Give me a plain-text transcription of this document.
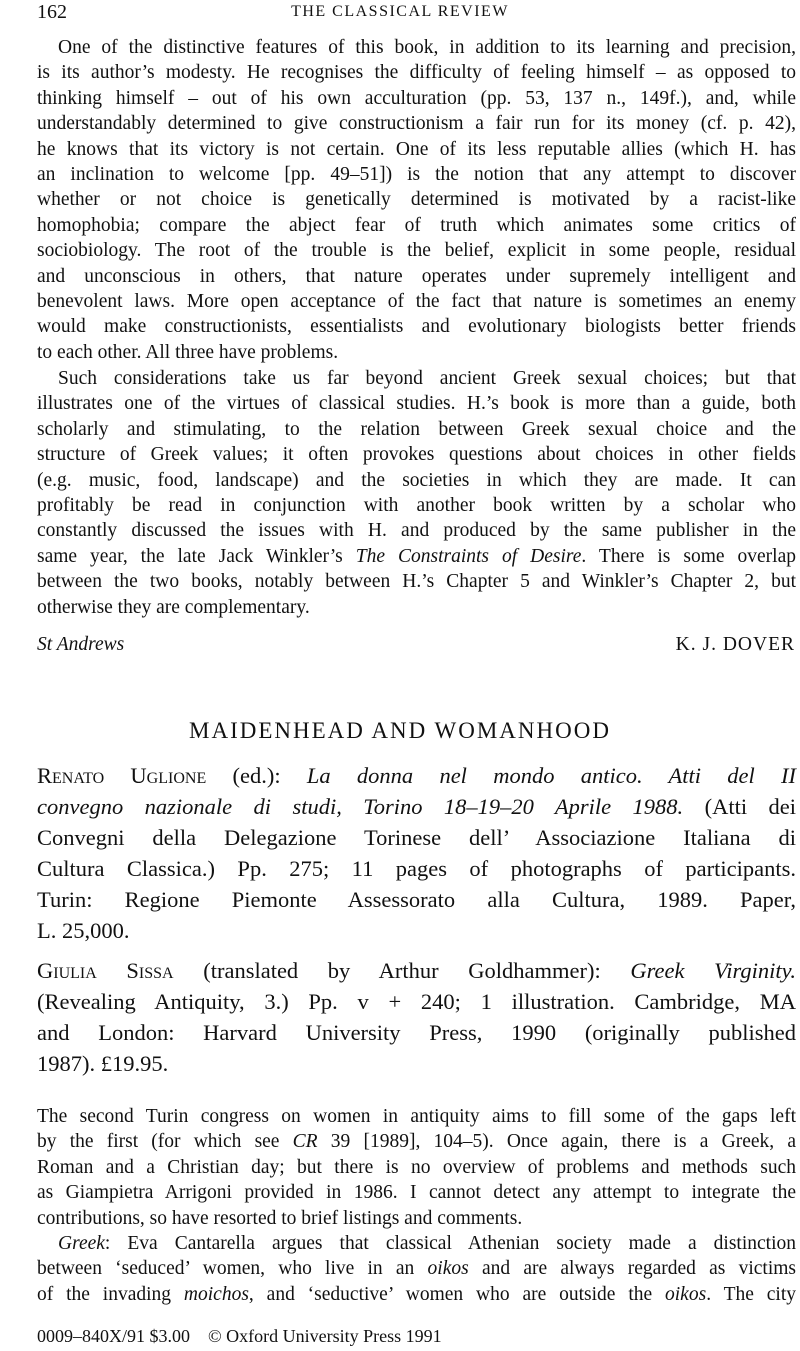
162	THE CLASSICAL REVIEW
One of the distinctive features of this book, in addition to its learning and precision,
is its author’s modesty. He recognises the difficulty of feeling himself – as opposed to
thinking himself – out of his own acculturation (pp. 53, 137 n., 149f.), and, while
understandably determined to give constructionism a fair run for its money (cf. p. 42),
he knows that its victory is not certain. One of its less reputable allies (which H. has
an inclination to welcome [pp. 49–51]) is the notion that any attempt to discover
whether or not choice is genetically determined is motivated by a racist-like
homophobia; compare the abject fear of truth which animates some critics of
sociobiology. The root of the trouble is the belief, explicit in some people, residual
and unconscious in others, that nature operates under supremely intelligent and
benevolent laws. More open acceptance of the fact that nature is sometimes an enemy
would make constructionists, essentialists and evolutionary biologists better friends
to each other. All three have problems.
Such considerations take us far beyond ancient Greek sexual choices; but that
illustrates one of the virtues of classical studies. H.’s book is more than a guide, both
scholarly and stimulating, to the relation between Greek sexual choice and the
structure of Greek values; it often provokes questions about choices in other fields
(e.g. music, food, landscape) and the societies in which they are made. It can
profitably be read in conjunction with another book written by a scholar who
constantly discussed the issues with H. and produced by the same publisher in the
same year, the late Jack Winkler’s The Constraints of Desire. There is some overlap
between the two books, notably between H.’s Chapter 5 and Winkler’s Chapter 2, but
otherwise they are complementary.
St Andrews	K. J. DOVER
MAIDENHEAD AND WOMANHOOD
Renato Uglione (ed.): La donna nel mondo antico. Atti del II
convegno nazionale di studi, Torino 18–19–20 Aprile 1988. (Atti dei
Convegni della Delegazione Torinese dell’ Associazione Italiana di
Cultura Classica.) Pp. 275; 11 pages of photographs of participants.
Turin: Regione Piemonte Assessorato alla Cultura, 1989. Paper,
L. 25,000.
Giulia Sissa (translated by Arthur Goldhammer): Greek Virginity.
(Revealing Antiquity, 3.) Pp. v + 240; 1 illustration. Cambridge, MA
and London: Harvard University Press, 1990 (originally published
1987). £19.95.
The second Turin congress on women in antiquity aims to fill some of the gaps left
by the first (for which see CR 39 [1989], 104–5). Once again, there is a Greek, a
Roman and a Christian day; but there is no overview of problems and methods such
as Giampietra Arrigoni provided in 1986. I cannot detect any attempt to integrate the
contributions, so have resorted to brief listings and comments.
Greek: Eva Cantarella argues that classical Athenian society made a distinction
between ‘seduced’ women, who live in an oikos and are always regarded as victims
of the invading moichos, and ‘seductive’ women who are outside the oikos. The city
0009–840X/91 $3.00 © Oxford University Press 1991
